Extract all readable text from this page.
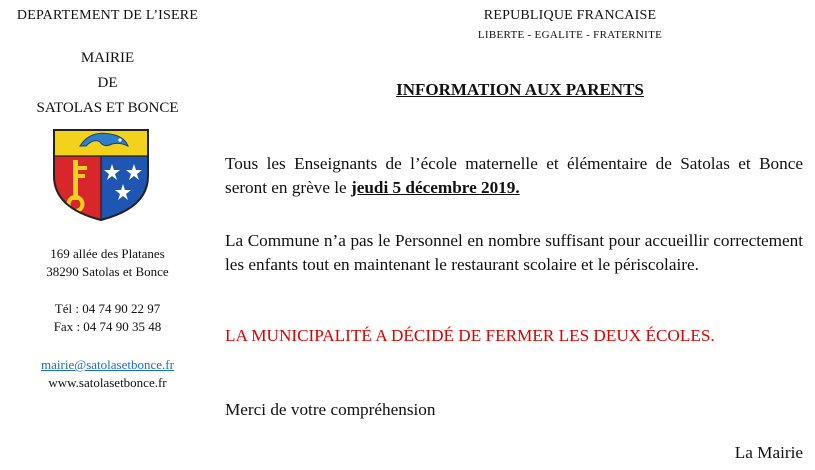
DEPARTEMENT DE L’ISERE
MAIRIE
DE
SATOLAS ET BONCE
169 allée des Platanes
38290 Satolas et Bonce
Tél : 04 74 90 22 97
Fax : 04 74 90 35 48
mairie@satolasetbonce.fr
www.satolasetbonce.fr
REPUBLIQUE FRANCAISE
LIBERTE - EGALITE - FRATERNITE
INFORMATION AUX PARENTS
Tous les Enseignants de l’école maternelle et élémentaire de Satolas et Bonce seront en grève le jeudi 5 décembre 2019.
La Commune n’a pas le Personnel en nombre suffisant pour accueillir correctement les enfants tout en maintenant le restaurant scolaire et le périscolaire.
LA MUNICIPALITÉ A DÉCIDÉ DE FERMER LES DEUX ÉCOLES.
Merci de votre compréhension
La Mairie
